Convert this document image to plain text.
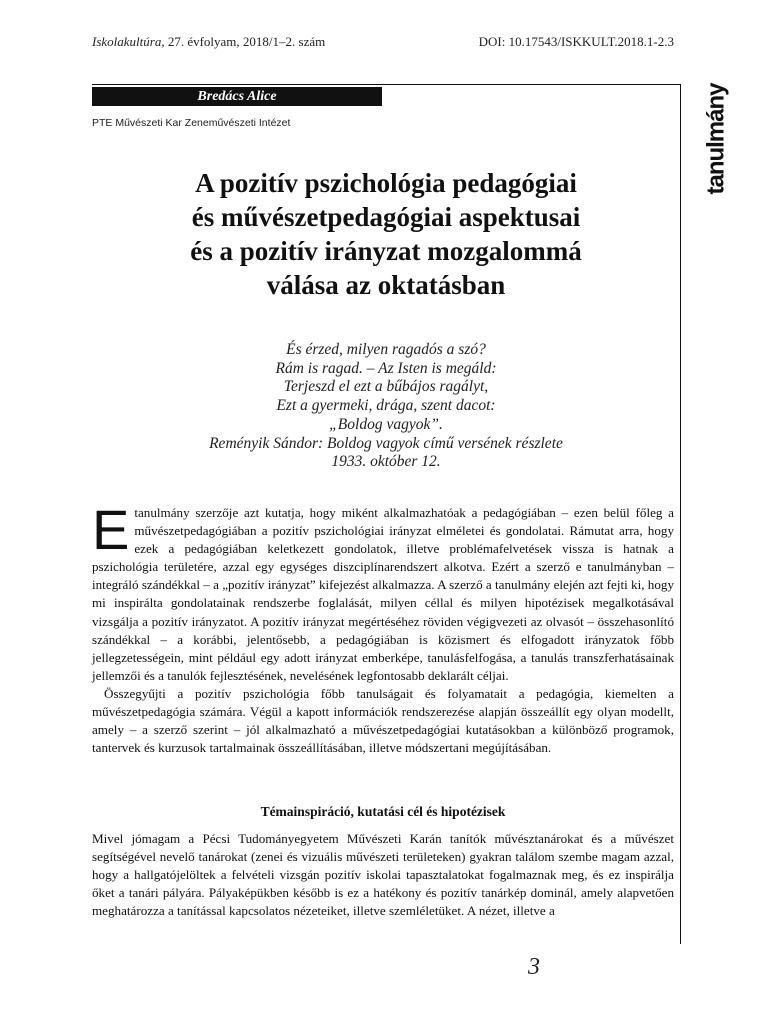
Iskolakultúra, 27. évfolyam, 2018/1–2. szám	DOI: 10.17543/ISKKULT.2018.1-2.3
Bredács Alice
PTE Művészeti Kar Zeneművészeti Intézet	tanulmány
A pozitív pszichológia pedagógiai
és művészetpedagógiai aspektusai
és a pozitív irányzat mozgalommá
válása az oktatásban
És érzed, milyen ragadós a szó?
Rám is ragad. – Az Isten is megáld:
Terjeszd el ezt a bűbájos ragályt,
Ezt a gyermeki, drága, szent dacot:
„Boldog vagyok”.
Reményik Sándor: Boldog vagyok című versének részlete
1933. október 12.

Etanulmány szerzője azt kutatja, hogy miként alkalmazhatóak a pedagógiában – ezen belül főleg a művészetpedagógiában a pozitív pszichológiai irányzat elméletei és gondolatai. Rámutat arra, hogy ezek a pedagógiában keletkezett gondolatok, illetve problémafelvetések vissza is hatnak a pszichológia területére, azzal egy egységes diszciplínarendszert alkotva. Ezért a szerző e tanulmányban – integráló szándékkal – a „pozitív irányzat” kifejezést alkalmazza. A szerző a tanulmány elején azt fejti ki, hogy mi inspirálta gondolatainak rendszerbe foglalását, milyen céllal és milyen hipotézisek megalkotásával vizsgálja a pozitív irányzatot. A pozitív irányzat megértéséhez röviden végigvezeti az olvasót – összehasonlító szándékkal – a korábbi, jelentősebb, a pedagógiában is közismert és elfogadott irányzatok főbb jellegzetességein, mint például egy adott irányzat emberképe, tanulásfelfogása, a tanulás transzferhatásainak jellemzői és a tanulók fejlesztésének, nevelésének legfontosabb deklarált céljai.

Összegyűjti a pozitív pszichológia főbb tanulságait és folyamatait a pedagógia, kiemelten a művészetpedagógia számára. Végül a kapott információk rendszerezése alapján összeállít egy olyan modellt, amely – a szerző szerint – jól alkalmazható a művészetpedagógiai kutatásokban a különböző programok, tantervek és kurzusok tartalmainak összeállításában, illetve módszertani megújításában.

Témainspiráció, kutatási cél és hipotézisek

Mivel jómagam a Pécsi Tudományegyetem Művészeti Karán tanítók művésztanárokat és a művészet segítségével nevelő tanárokat (zenei és vizuális művészeti területeken) gyakran találom szembe magam azzal, hogy a hallgatójelöltek a felvételi vizsgán pozitív iskolai tapasztalatokat fogalmaznak meg, és ez inspirálja őket a tanári pályára. Pályaképükben később is ez a hatékony és pozitív tanárkép dominál, amely alapvetően meghatározza a tanítással kapcsolatos nézeteiket, illetve szemléletüket. A nézet, illetve a

3
